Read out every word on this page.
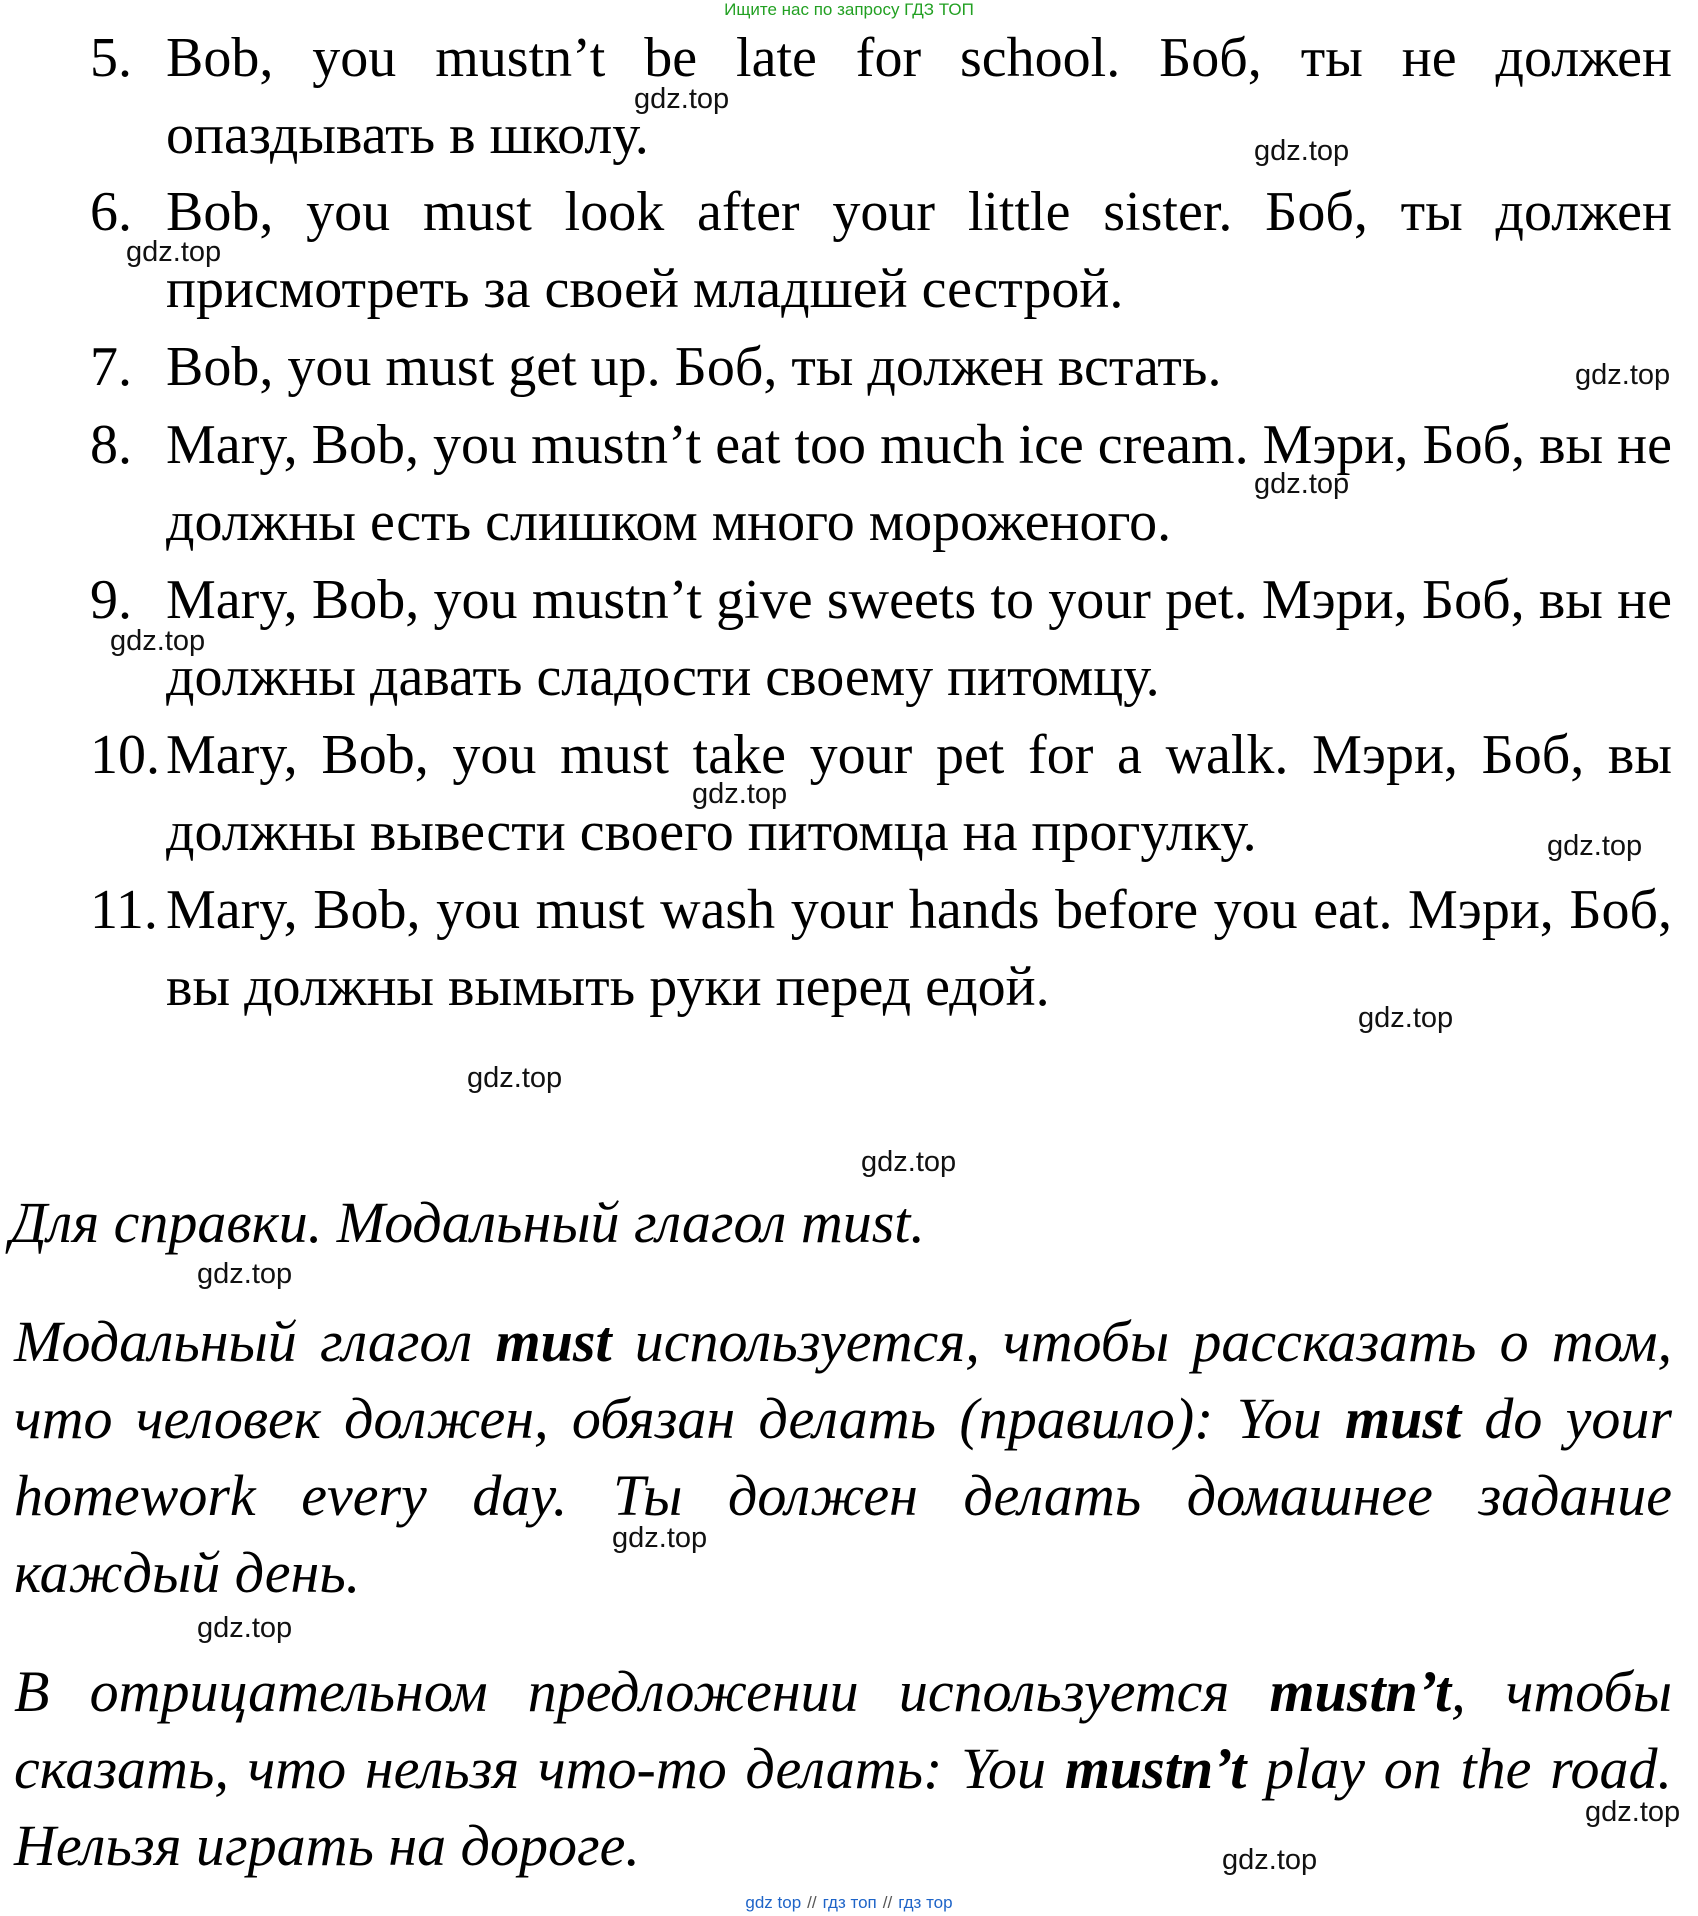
Ищите нас по запросу ГДЗ ТОП
5. Bob, you mustn’t be late for school. Боб, ты не должен опаздывать в школу.
6. Bob, you must look after your little sister. Боб, ты должен присмотреть за своей младшей сестрой.
7. Bob, you must get up. Боб, ты должен встать.
8. Mary, Bob, you mustn’t eat too much ice cream. Мэри, Боб, вы не должны есть слишком много мороженого.
9. Mary, Bob, you mustn’t give sweets to your pet. Мэри, Боб, вы не должны давать сладости своему питомцу.
10. Mary, Bob, you must take your pet for a walk. Мэри, Боб, вы должны вывести своего питомца на прогулку.
11. Mary, Bob, you must wash your hands before you eat. Мэри, Боб, вы должны вымыть руки перед едой.
Для справки. Модальный глагол must.
Модальный глагол must используется, чтобы рассказать о том, что человек должен, обязан делать (правило): You must do your homework every day. Ты должен делать домашнее задание каждый день.
В отрицательном предложении используется mustn’t, чтобы сказать, что нельзя что-то делать: You mustn’t play on the road. Нельзя играть на дороге.
gdz.top
gdz.top
gdz.top
gdz.top
gdz.top
gdz.top
gdz.top
gdz.top
gdz.top
gdz.top
gdz.top
gdz.top
gdz.top
gdz.top
gdz.top
gdz.top
gdz top // гдз топ // гдз тор
